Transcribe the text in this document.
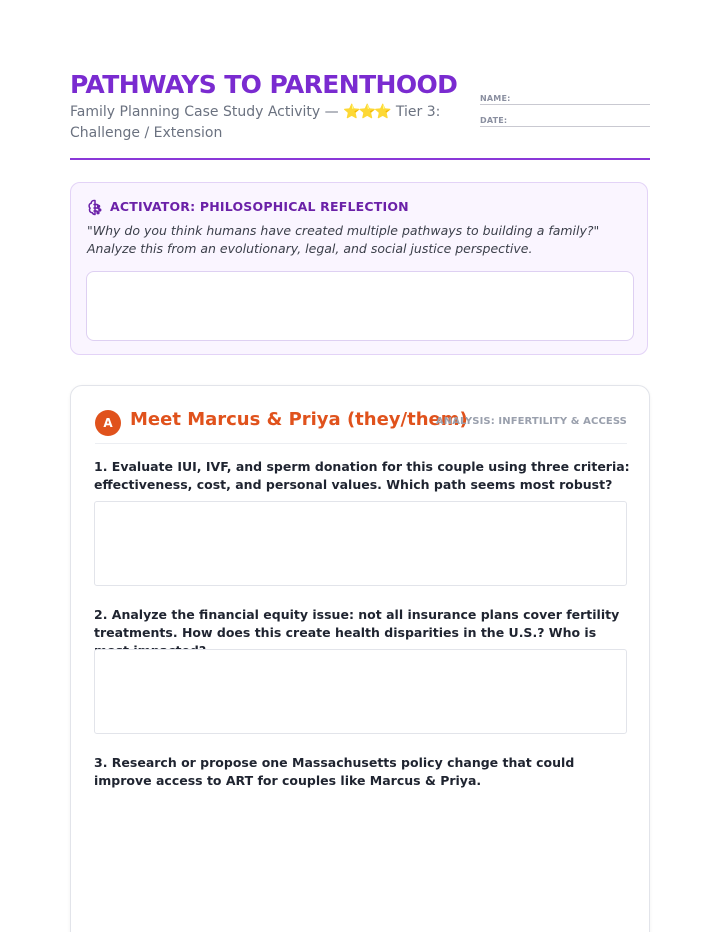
PATHWAYS TO PARENTHOOD
Family Planning Case Study Activity — ⭐⭐⭐ Tier 3: Challenge / Extension
NAME:
DATE:
ACTIVATOR: PHILOSOPHICAL REFLECTION
"Why do you think humans have created multiple pathways to building a family?" Analyze this from an evolutionary, legal, and social justice perspective.
A Meet Marcus & Priya (they/them)
ANALYSIS: INFERTILITY & ACCESS
1. Evaluate IUI, IVF, and sperm donation for this couple using three criteria: effectiveness, cost, and personal values. Which path seems most robust?
2. Analyze the financial equity issue: not all insurance plans cover fertility treatments. How does this create health disparities in the U.S.? Who is
3. Research or propose one Massachusetts policy change that could improve access to ART for couples like Marcus & Priya.
